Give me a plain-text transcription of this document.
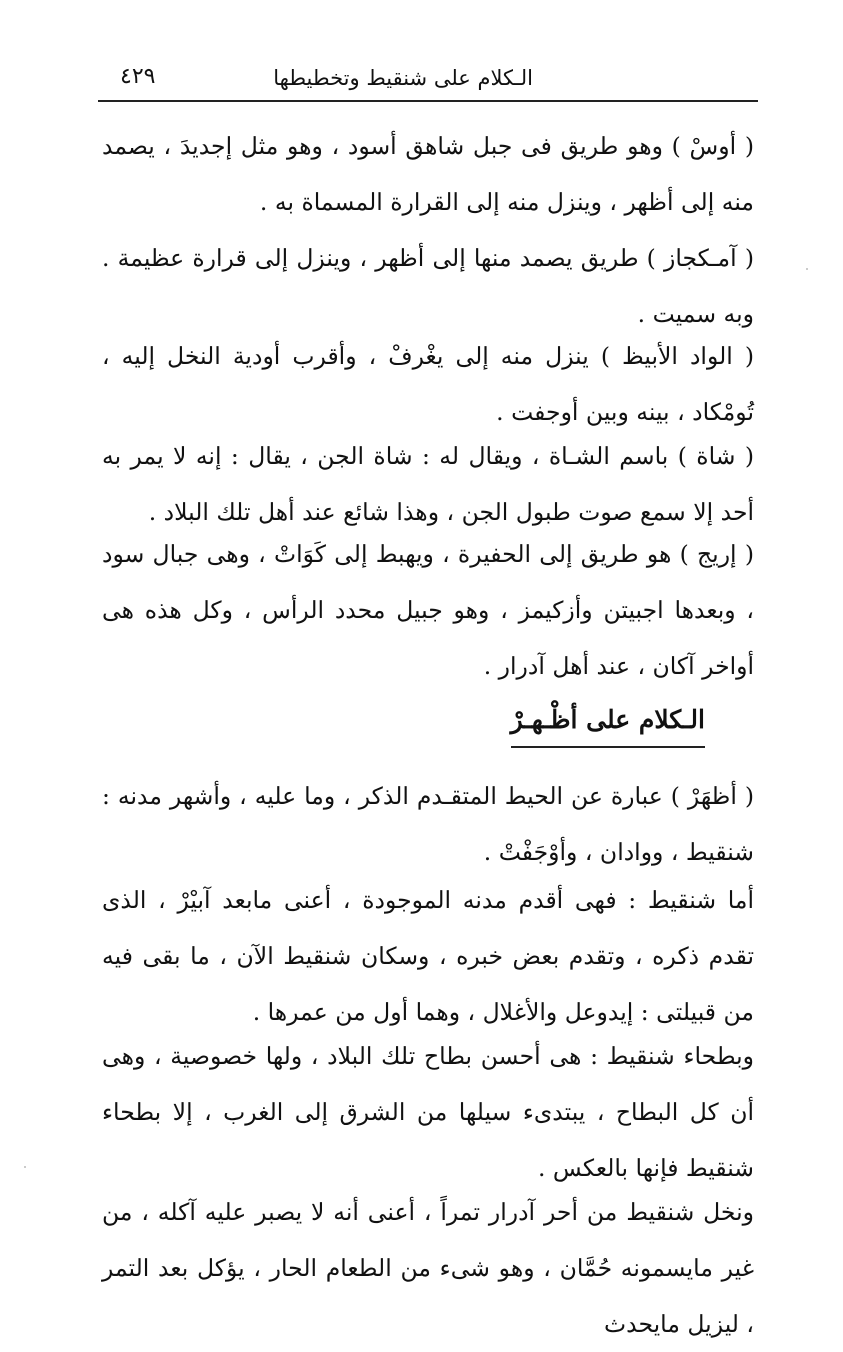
الـكلام على شنقيط وتخطيطها
٤٢٩

( أوسْ ) وهو طريق فى جبل شاهق أسود ، وهو مثل إجديدَ ، يصمد منه إلى أظهر ، وينزل منه إلى القرارة المسماة به .

( آمـكجاز ) طريق يصمد منها إلى أظهر ، وينزل إلى قرارة عظيمة . وبه سميت .

( الواد الأبيظ ) ينزل منه إلى يغْرفْ ، وأقرب أودية النخل إليه ، تُومْكاد ، بينه وبين أوجفت .

( شاة ) باسم الشـاة ، ويقال له : شاة الجن ، يقال : إنه لا يمر به أحد إلا سمع صوت طبول الجن ، وهذا شائع عند أهل تلك البلاد .

( إريج ) هو طريق إلى الحفيرة ، ويهبط إلى كَوَاتْ ، وهى جبال سود ، وبعدها اجبيتن وأزكيمز ، وهو جبيل محدد الرأس ، وكل هذه هى أواخر آكان ، عند أهل آدرار .

الـكلام على أظْـهـرْ

( أظهَرْ ) عبارة عن الحيط المتقـدم الذكر ، وما عليه ، وأشهر مدنه : شنقيط ، ووادان ، وأوْجَفْتْ .

أما شنقيط : فهى أقدم مدنه الموجودة ، أعنى مابعد آبيْرْ ، الذى تقدم ذكره ، وتقدم بعض خبره ، وسكان شنقيط الآن ، ما بقى فيه من قبيلتى : إيدوعل والأغلال ، وهما أول من عمرها .

وبطحاء شنقيط : هى أحسن بطاح تلك البلاد ، ولها خصوصية ، وهى أن كل البطاح ، يبتدىء سيلها من الشرق إلى الغرب ، إلا بطحاء شنقيط فإنها بالعكس .

ونخل شنقيط من أحر آدرار تمراً ، أعنى أنه لا يصبر عليه آكله ، من غير مايسمونه حُمَّان ، وهو شىء من الطعام الحار ، يؤكل بعد التمر ، ليزيل مايحدث
